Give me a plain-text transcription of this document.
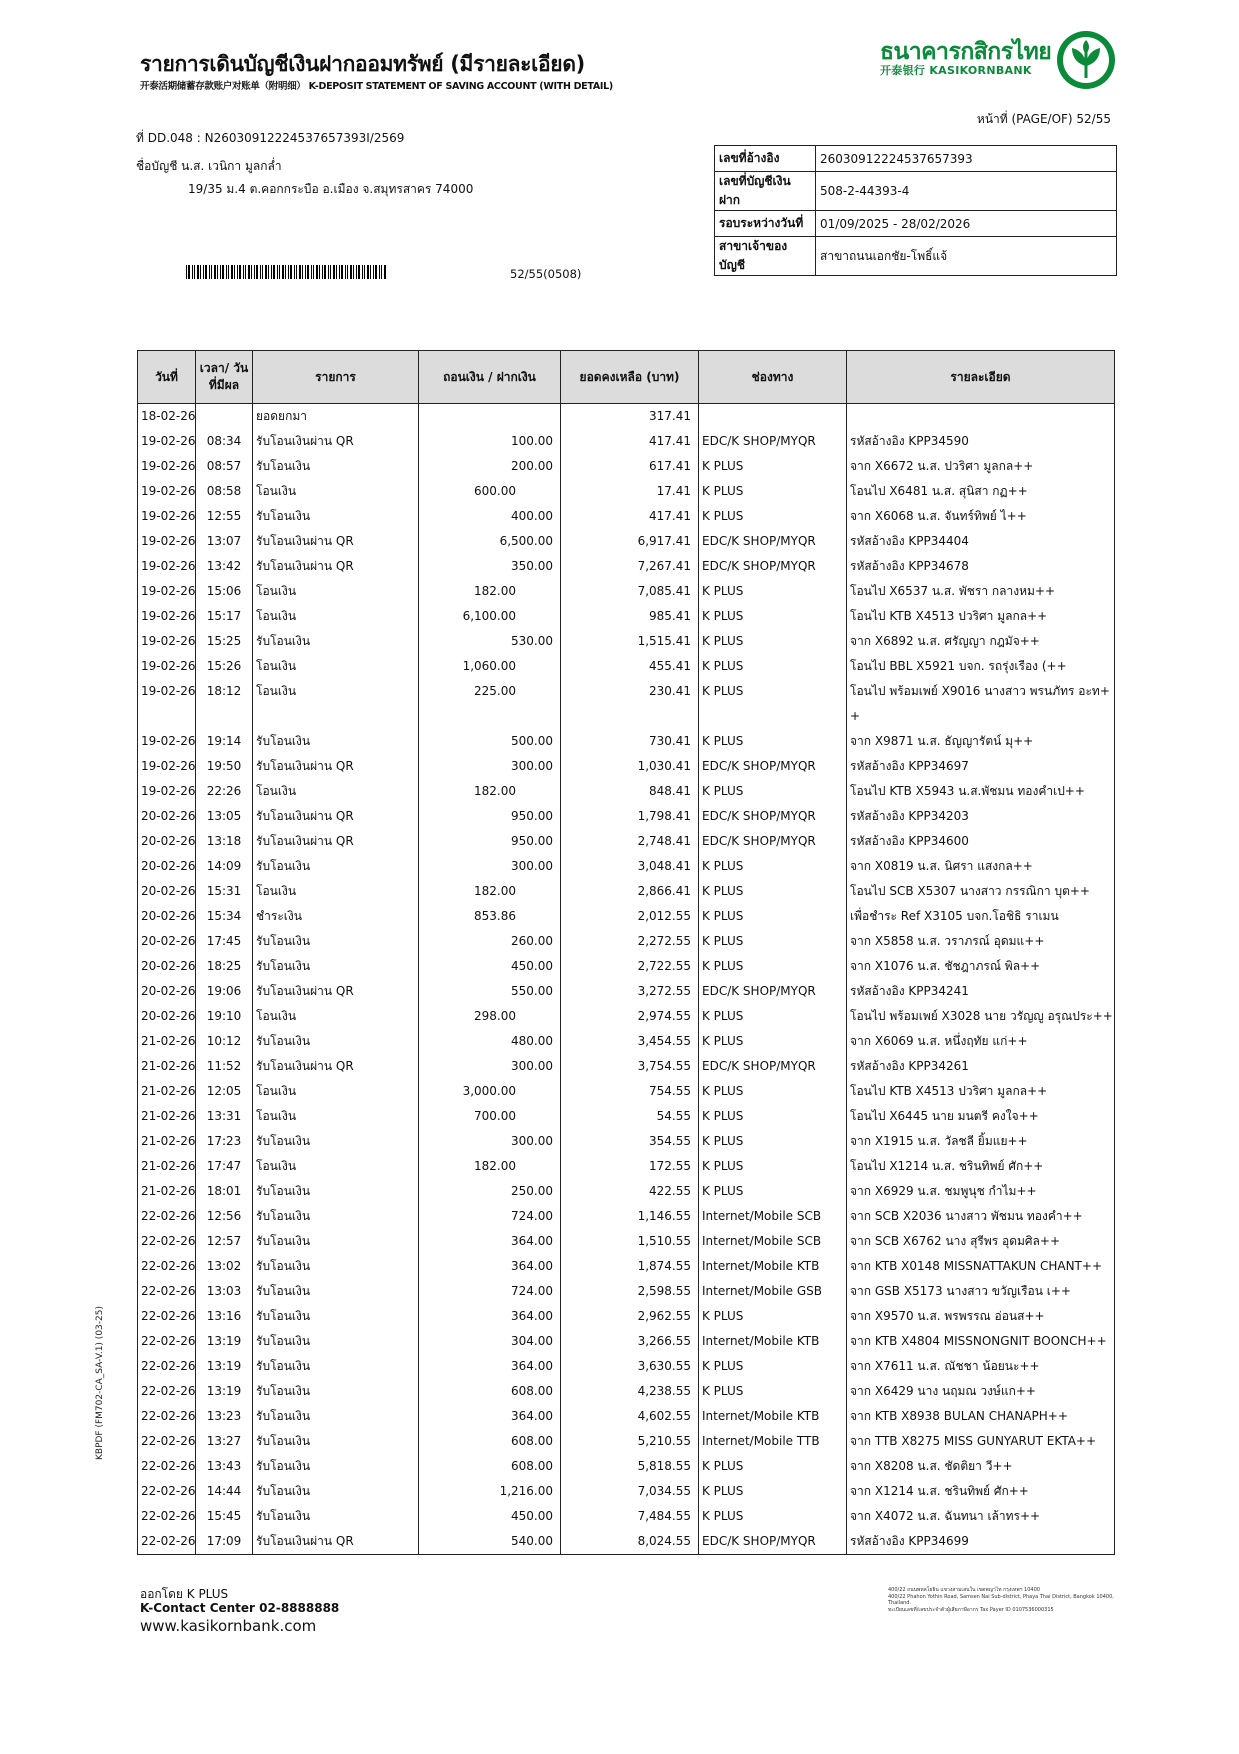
รายการเดินบัญชีเงินฝากออมทรัพย์ (มีรายละเอียด)
开泰活期储蓄存款账户对账单（附明细） K-DEPOSIT STATEMENT OF SAVING ACCOUNT (WITH DETAIL)
ธนาคารกสิกรไทย
开泰银行 KASIKORNBANK
หน้าที่ (PAGE/OF) 52/55
ที่ DD.048 : N26030912224537657393I/2569
ชื่อบัญชี น.ส. เวนิกา มูลกล่ำ
19/35 ม.4 ต.คอกกระบือ อ.เมือง จ.สมุทรสาคร 74000
52/55(0508)
เลขที่อ้างอิง	26030912224537657393
เลขที่บัญชีเงินฝาก	508-2-44393-4
รอบระหว่างวันที่	01/09/2025 - 28/02/2026
สาขาเจ้าของบัญชี	สาขาถนนเอกชัย-โพธิ์แจ้
วันที่	เวลา/ วันที่มีผล	รายการ	ถอนเงิน / ฝากเงิน	ยอดคงเหลือ (บาท)	ช่องทาง	รายละเอียด
18-02-26		ยอดยกมา		317.41		
19-02-26	08:34	รับโอนเงินผ่าน QR	100.00	417.41	EDC/K SHOP/MYQR	รหัสอ้างอิง KPP34590
19-02-26	08:57	รับโอนเงิน	200.00	617.41	K PLUS	จาก X6672 น.ส. ปวริศา มูลกล++
19-02-26	08:58	โอนเงิน	600.00	17.41	K PLUS	โอนไป X6481 น.ส. สุนิสา กฏ++
19-02-26	12:55	รับโอนเงิน	400.00	417.41	K PLUS	จาก X6068 น.ส. จันทร์ทิพย์ ไ++
19-02-26	13:07	รับโอนเงินผ่าน QR	6,500.00	6,917.41	EDC/K SHOP/MYQR	รหัสอ้างอิง KPP34404
19-02-26	13:42	รับโอนเงินผ่าน QR	350.00	7,267.41	EDC/K SHOP/MYQR	รหัสอ้างอิง KPP34678
19-02-26	15:06	โอนเงิน	182.00	7,085.41	K PLUS	โอนไป X6537 น.ส. พัชรา กลางหม++
19-02-26	15:17	โอนเงิน	6,100.00	985.41	K PLUS	โอนไป KTB X4513 ปวริศา มูลกล++
19-02-26	15:25	รับโอนเงิน	530.00	1,515.41	K PLUS	จาก X6892 น.ส. ศรัญญา กฎมัจ++
19-02-26	15:26	โอนเงิน	1,060.00	455.41	K PLUS	โอนไป BBL X5921 บจก. รถรุ่งเรือง (++
19-02-26	18:12	โอนเงิน	225.00	230.41	K PLUS	โอนไป พร้อมเพย์ X9016 นางสาว พรนภัทร อะท+ +
19-02-26	19:14	รับโอนเงิน	500.00	730.41	K PLUS	จาก X9871 น.ส. ธัญญารัตน์ มุ++
19-02-26	19:50	รับโอนเงินผ่าน QR	300.00	1,030.41	EDC/K SHOP/MYQR	รหัสอ้างอิง KPP34697
19-02-26	22:26	โอนเงิน	182.00	848.41	K PLUS	โอนไป KTB X5943 น.ส.พัชมน ทองคำเป++
20-02-26	13:05	รับโอนเงินผ่าน QR	950.00	1,798.41	EDC/K SHOP/MYQR	รหัสอ้างอิง KPP34203
20-02-26	13:18	รับโอนเงินผ่าน QR	950.00	2,748.41	EDC/K SHOP/MYQR	รหัสอ้างอิง KPP34600
20-02-26	14:09	รับโอนเงิน	300.00	3,048.41	K PLUS	จาก X0819 น.ส. นิศรา แสงกล++
20-02-26	15:31	โอนเงิน	182.00	2,866.41	K PLUS	โอนไป SCB X5307 นางสาว กรรณิกา บุต++
20-02-26	15:34	ชำระเงิน	853.86	2,012.55	K PLUS	เพื่อชำระ Ref X3105 บจก.โอชิธิ ราเมน
20-02-26	17:45	รับโอนเงิน	260.00	2,272.55	K PLUS	จาก X5858 น.ส. วราภรณ์ อุดมแ++
20-02-26	18:25	รับโอนเงิน	450.00	2,722.55	K PLUS	จาก X1076 น.ส. ชัชฎาภรณ์ พิล++
20-02-26	19:06	รับโอนเงินผ่าน QR	550.00	3,272.55	EDC/K SHOP/MYQR	รหัสอ้างอิง KPP34241
20-02-26	19:10	โอนเงิน	298.00	2,974.55	K PLUS	โอนไป พร้อมเพย์ X3028 นาย วรัญญู อรุณประ++
21-02-26	10:12	รับโอนเงิน	480.00	3,454.55	K PLUS	จาก X6069 น.ส. หนึ่งฤทัย แก่++
21-02-26	11:52	รับโอนเงินผ่าน QR	300.00	3,754.55	EDC/K SHOP/MYQR	รหัสอ้างอิง KPP34261
21-02-26	12:05	โอนเงิน	3,000.00	754.55	K PLUS	โอนไป KTB X4513 ปวริศา มูลกล++
21-02-26	13:31	โอนเงิน	700.00	54.55	K PLUS	โอนไป X6445 นาย มนตรี คงใจ++
21-02-26	17:23	รับโอนเงิน	300.00	354.55	K PLUS	จาก X1915 น.ส. วัลชลี ยิ้มแย++
21-02-26	17:47	โอนเงิน	182.00	172.55	K PLUS	โอนไป X1214 น.ส. ชรินทิพย์ ศัก++
21-02-26	18:01	รับโอนเงิน	250.00	422.55	K PLUS	จาก X6929 น.ส. ชมพูนุช กำไม++
22-02-26	12:56	รับโอนเงิน	724.00	1,146.55	Internet/Mobile SCB	จาก SCB X2036 นางสาว พัชมน ทองคำ++
22-02-26	12:57	รับโอนเงิน	364.00	1,510.55	Internet/Mobile SCB	จาก SCB X6762 นาง สุรีพร อุดมศิล++
22-02-26	13:02	รับโอนเงิน	364.00	1,874.55	Internet/Mobile KTB	จาก KTB X0148 MISSNATTAKUN CHANT++
22-02-26	13:03	รับโอนเงิน	724.00	2,598.55	Internet/Mobile GSB	จาก GSB X5173 นางสาว ขวัญเรือน เ++
22-02-26	13:16	รับโอนเงิน	364.00	2,962.55	K PLUS	จาก X9570 น.ส. พรพรรณ อ่อนส++
22-02-26	13:19	รับโอนเงิน	304.00	3,266.55	Internet/Mobile KTB	จาก KTB X4804 MISSNONGNIT BOONCH++
22-02-26	13:19	รับโอนเงิน	364.00	3,630.55	K PLUS	จาก X7611 น.ส. ณัชชา น้อยนะ++
22-02-26	13:19	รับโอนเงิน	608.00	4,238.55	K PLUS	จาก X6429 นาง นฤมณ วงษ์แก++
22-02-26	13:23	รับโอนเงิน	364.00	4,602.55	Internet/Mobile KTB	จาก KTB X8938 BULAN CHANAPH++
22-02-26	13:27	รับโอนเงิน	608.00	5,210.55	Internet/Mobile TTB	จาก TTB X8275 MISS GUNYARUT EKTA++
22-02-26	13:43	รับโอนเงิน	608.00	5,818.55	K PLUS	จาก X8208 น.ส. ชัดติยา วี++
22-02-26	14:44	รับโอนเงิน	1,216.00	7,034.55	K PLUS	จาก X1214 น.ส. ชรินทิพย์ ศัก++
22-02-26	15:45	รับโอนเงิน	450.00	7,484.55	K PLUS	จาก X4072 น.ส. ฉันทนา เล้าทร++
22-02-26	17:09	รับโอนเงินผ่าน QR	540.00	8,024.55	EDC/K SHOP/MYQR	รหัสอ้างอิง KPP34699
KBPDF (FM702-CA_SA-V.1) (03-25)
ออกโดย K PLUS
K-Contact Center 02-8888888
www.kasikornbank.com
400/22 ถนนพหลโยธิน แขวงสามเสนใน เขตพญาไท กรุงเทพฯ 10400
400/22 Phahon Yothin Road, Samsen Nai Sub-district, Phaya Thai District, Bangkok 10400, Thailand.
ทะเบียนเลขที่/เลขประจำตัวผู้เสียภาษีอากร Tax Payer ID 0107536000315
